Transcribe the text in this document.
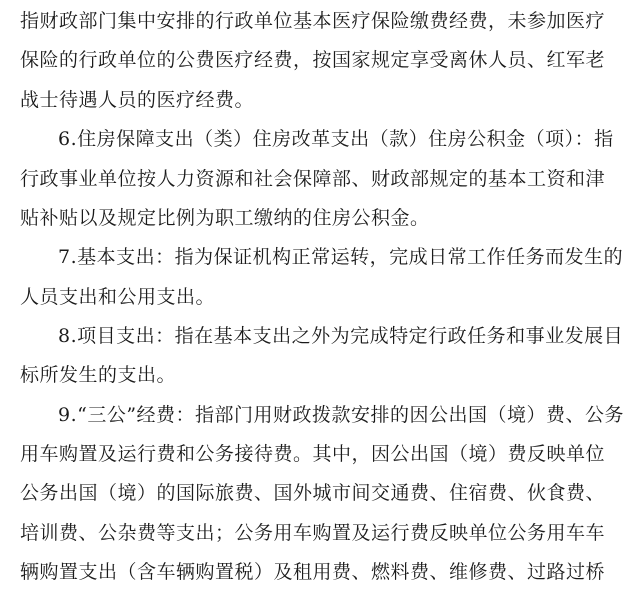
指财政部门集中安排的行政单位基本医疗保险缴费经费，未参加医疗
保险的行政单位的公费医疗经费，按国家规定享受离休人员、红军老
战士待遇人员的医疗经费。
6.住房保障支出（类）住房改革支出（款）住房公积金（项）：指
行政事业单位按人力资源和社会保障部、财政部规定的基本工资和津
贴补贴以及规定比例为职工缴纳的住房公积金。
7.基本支出：指为保证机构正常运转，完成日常工作任务而发生的
人员支出和公用支出。
8.项目支出：指在基本支出之外为完成特定行政任务和事业发展目
标所发生的支出。
9.“三公”经费：指部门用财政拨款安排的因公出国（境）费、公务
用车购置及运行费和公务接待费。其中，因公出国（境）费反映单位
公务出国（境）的国际旅费、国外城市间交通费、住宿费、伙食费、
培训费、公杂费等支出；公务用车购置及运行费反映单位公务用车车
辆购置支出（含车辆购置税）及租用费、燃料费、维修费、过路过桥
